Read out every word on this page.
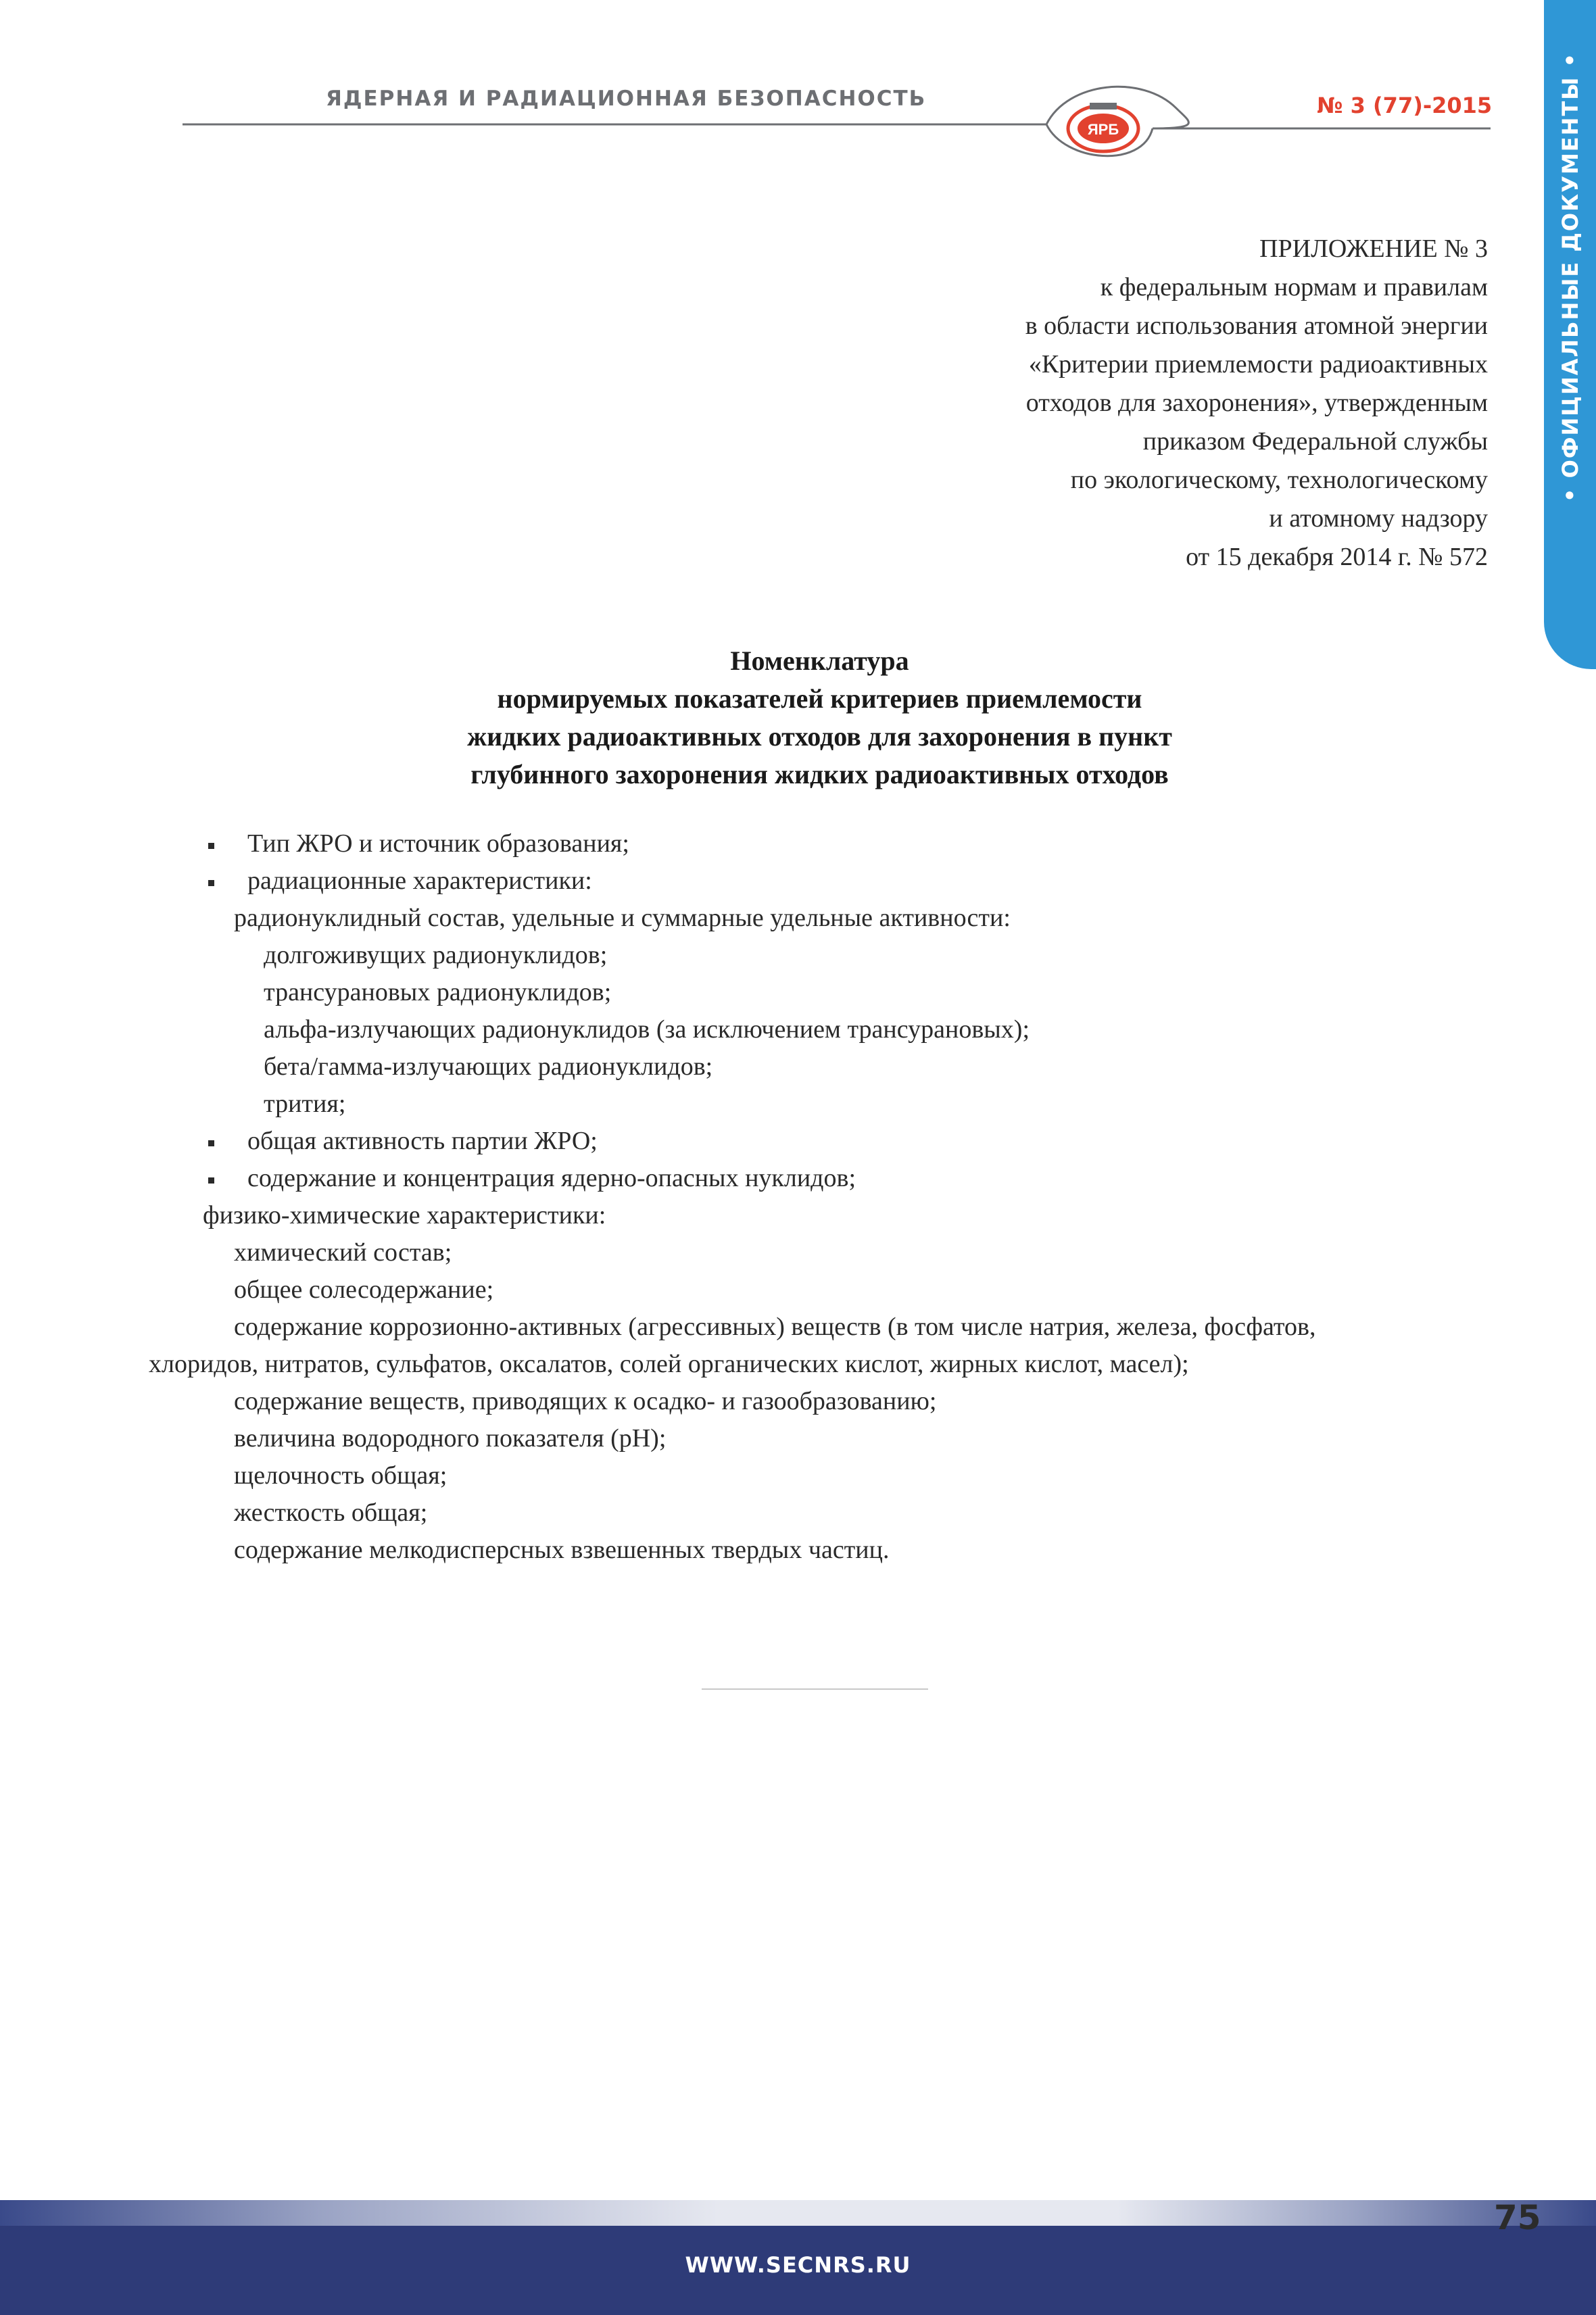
ЯРБ
ЯДЕРНАЯ И РАДИАЦИОННАЯ БЕЗОПАСНОСТЬ	№ 3 (77)-2015	• ОФИЦИАЛЬНЫЕ ДОКУМЕНТЫ •
ПРИЛОЖЕНИЕ № 3
к федеральным нормам и правилам
в области использования атомной энергии
«Критерии приемлемости радиоактивных
отходов для захоронения», утвержденным
приказом Федеральной службы
по экологическому, технологическому
и атомному надзору
от 15 декабря 2014 г. № 572
Номенклатура
нормируемых показателей критериев приемлемости
жидких радиоактивных отходов для захоронения в пункт
глубинного захоронения жидких радиоактивных отходов
Тип ЖРО и источник образования;
радиационные характеристики:
радионуклидный состав, удельные и суммарные удельные активности:
долгоживущих радионуклидов;
трансурановых радионуклидов;
альфа-излучающих радионуклидов (за исключением трансурановых);
бета/гамма-излучающих радионуклидов;
трития;
общая активность партии ЖРО;
содержание и концентрация ядерно-опасных нуклидов;
физико-химические характеристики:
химический состав;
общее солесодержание;
содержание коррозионно-активных (агрессивных) веществ (в том числе натрия, железа, фосфатов,
хлоридов, нитратов, сульфатов, оксалатов, солей органических кислот, жирных кислот, масел);
содержание веществ, приводящих к осадко- и газообразованию;
величина водородного показателя (pH);
щелочность общая;
жесткость общая;
содержание мелкодисперсных взвешенных твердых частиц.
WWW.SECNRS.RU
75
